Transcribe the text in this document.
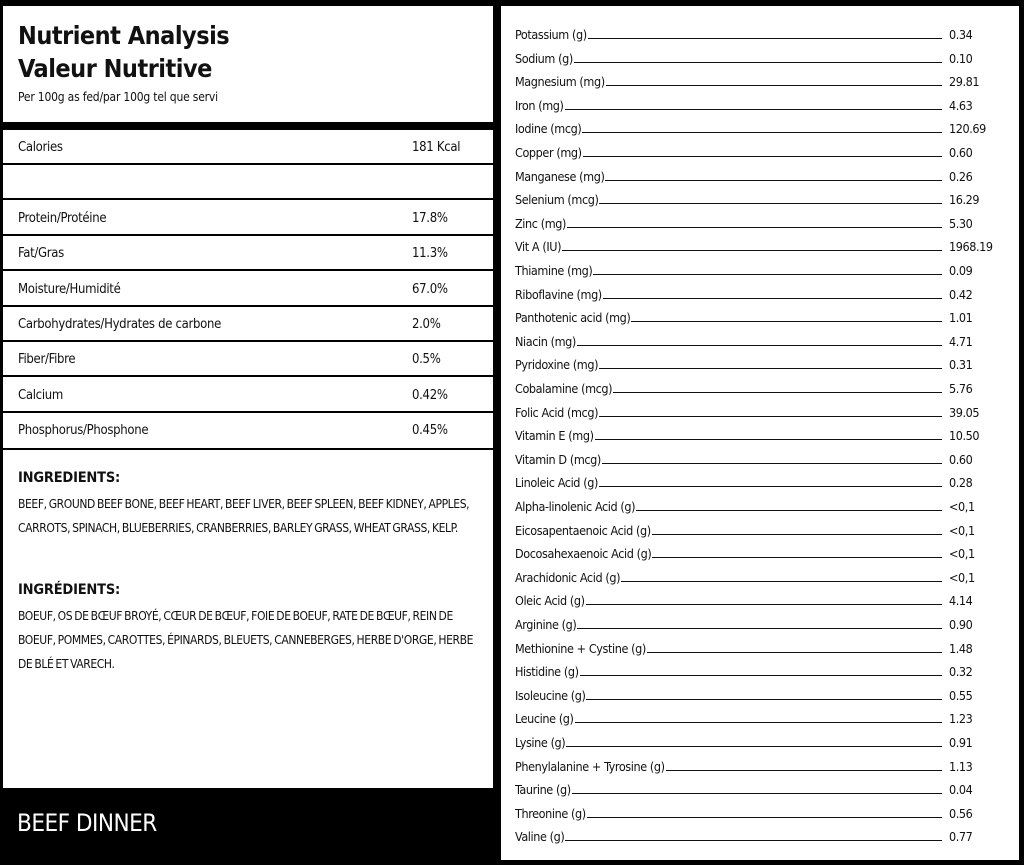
Nutrient Analysis
Valeur Nutritive
Per 100g as fed/par 100g tel que servi
Calories	181 Kcal
Protein/Protéine	17.8%
Fat/Gras	11.3%
Moisture/Humidité	67.0%
Carbohydrates/Hydrates de carbone	2.0%
Fiber/Fibre	0.5%
Calcium	0.42%
Phosphorus/Phosphone	0.45%
INGREDIENTS:
BEEF, GROUND BEEF BONE, BEEF HEART, BEEF LIVER, BEEF SPLEEN, BEEF KIDNEY, APPLES, CARROTS, SPINACH, BLUEBERRIES, CRANBERRIES, BARLEY GRASS, WHEAT GRASS, KELP.
INGRÉDIENTS:
BOEUF, OS DE BŒUF BROYÉ, CŒUR DE BŒUF, FOIE DE BOEUF, RATE DE BŒUF, REIN DE BOEUF, POMMES, CAROTTES, ÉPINARDS, BLEUETS, CANNEBERGES, HERBE D'ORGE, HERBE DE BLÉ ET VARECH.
BEEF DINNER
Potassium (g)	0.34
Sodium (g)	0.10
Magnesium (mg)	29.81
Iron (mg)	4.63
Iodine (mcg)	120.69
Copper (mg)	0.60
Manganese (mg)	0.26
Selenium (mcg)	16.29
Zinc (mg)	5.30
Vit A (IU)	1968.19
Thiamine (mg)	0.09
Riboflavine (mg)	0.42
Panthotenic acid (mg)	1.01
Niacin (mg)	4.71
Pyridoxine (mg)	0.31
Cobalamine (mcg)	5.76
Folic Acid (mcg)	39.05
Vitamin E (mg)	10.50
Vitamin D (mcg)	0.60
Linoleic Acid (g)	0.28
Alpha-linolenic Acid (g)	<0,1
Eicosapentaenoic Acid (g)	<0,1
Docosahexaenoic Acid (g)	<0,1
Arachidonic Acid (g)	<0,1
Oleic Acid (g)	4.14
Arginine (g)	0.90
Methionine + Cystine (g)	1.48
Histidine (g)	0.32
Isoleucine (g)	0.55
Leucine (g)	1.23
Lysine (g)	0.91
Phenylalanine + Tyrosine (g)	1.13
Taurine (g)	0.04
Threonine (g)	0.56
Valine (g)	0.77
